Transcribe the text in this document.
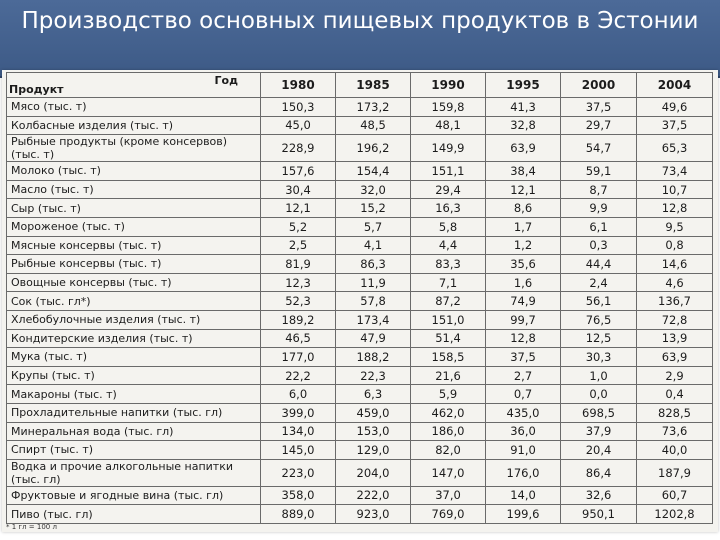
Производство основных пищевых продуктов в Эстонии
Год
Продукт	1980	1985	1990	1995	2000	2004
Мясо (тыс. т)	150,3	173,2	159,8	41,3	37,5	49,6
Колбасные изделия (тыс. т)	45,0	48,5	48,1	32,8	29,7	37,5
Рыбные продукты (кроме консервов) (тыс. т)	228,9	196,2	149,9	63,9	54,7	65,3
Молоко (тыс. т)	157,6	154,4	151,1	38,4	59,1	73,4
Масло (тыс. т)	30,4	32,0	29,4	12,1	8,7	10,7
Сыр (тыс. т)	12,1	15,2	16,3	8,6	9,9	12,8
Мороженое (тыс. т)	5,2	5,7	5,8	1,7	6,1	9,5
Мясные консервы (тыс. т)	2,5	4,1	4,4	1,2	0,3	0,8
Рыбные консервы (тыс. т)	81,9	86,3	83,3	35,6	44,4	14,6
Овощные консервы (тыс. т)	12,3	11,9	7,1	1,6	2,4	4,6
Сок (тыс. гл*)	52,3	57,8	87,2	74,9	56,1	136,7
Хлебобулочные изделия (тыс. т)	189,2	173,4	151,0	99,7	76,5	72,8
Кондитерские изделия (тыс. т)	46,5	47,9	51,4	12,8	12,5	13,9
Мука (тыс. т)	177,0	188,2	158,5	37,5	30,3	63,9
Крупы (тыс. т)	22,2	22,3	21,6	2,7	1,0	2,9
Макароны (тыс. т)	6,0	6,3	5,9	0,7	0,0	0,4
Прохладительные напитки (тыс. гл)	399,0	459,0	462,0	435,0	698,5	828,5
Минеральная вода (тыс. гл)	134,0	153,0	186,0	36,0	37,9	73,6
Спирт (тыс. т)	145,0	129,0	82,0	91,0	20,4	40,0
Водка и прочие алкогольные напитки (тыс. гл)	223,0	204,0	147,0	176,0	86,4	187,9
Фруктовые и ягодные вина (тыс. гл)	358,0	222,0	37,0	14,0	32,6	60,7
Пиво (тыс. гл)	889,0	923,0	769,0	199,6	950,1	1202,8
* 1 гл = 100 л
